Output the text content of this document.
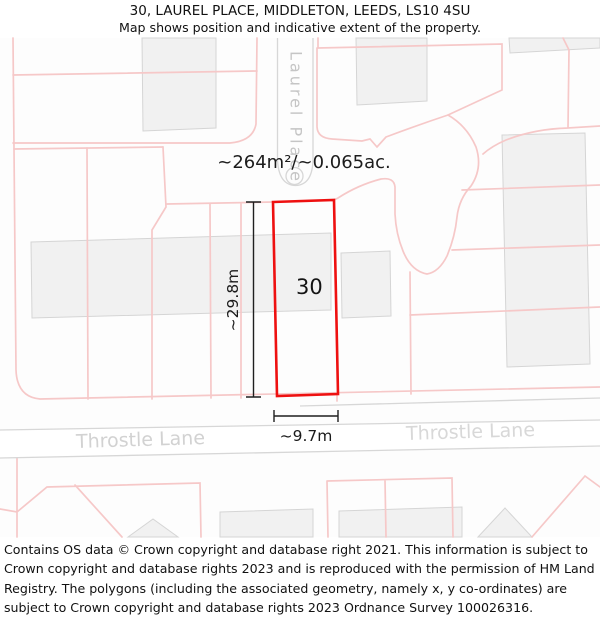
Laurel Place
~264m²/~0.065ac.
30
~29.8m
~9.7m
Throstle Lane	Throstle Lane
30, LAUREL PLACE, MIDDLETON, LEEDS, LS10 4SU
Map shows position and indicative extent of the property.
Contains OS data © Crown copyright and database right 2021. This information is subject to Crown copyright and database rights 2023 and is reproduced with the permission of HM Land Registry. The polygons (including the associated geometry, namely x, y co-ordinates) are subject to Crown copyright and database rights 2023 Ordnance Survey 100026316.
